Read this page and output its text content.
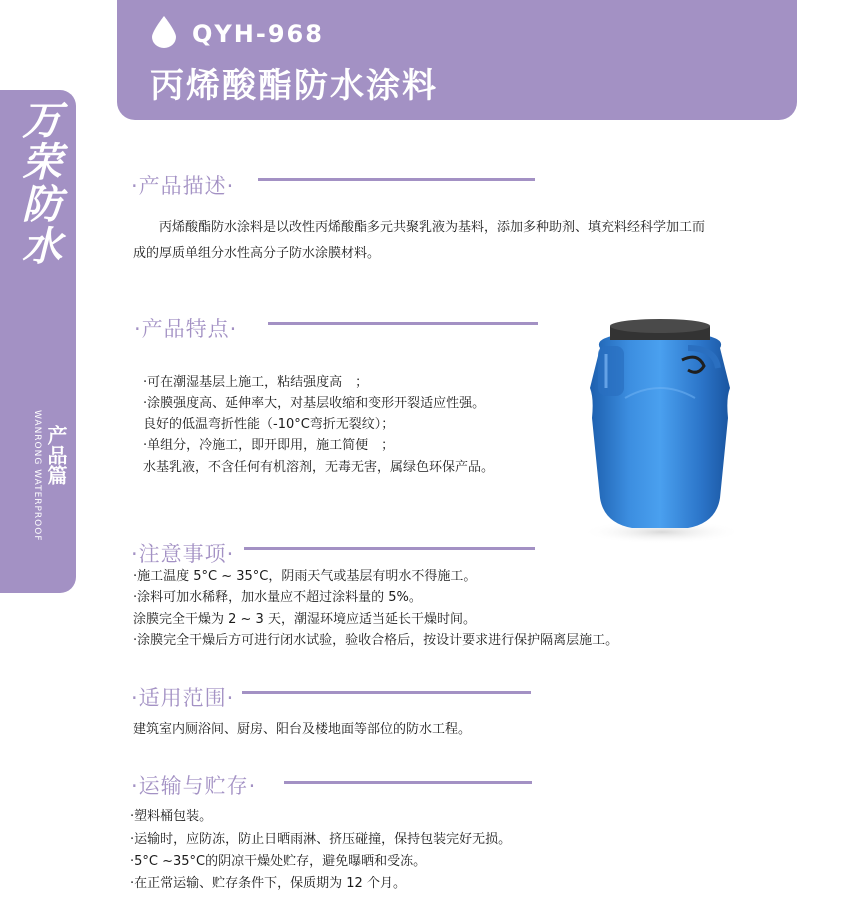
QYH-968
丙烯酸酯防水涂料
万
荣
防
水
产品篇
WANRONG WATERPROOF
·产品描述·
丙烯酸酯防水涂料是以改性丙烯酸酯多元共聚乳液为基料，添加多种助剂、填充料经科学加工而
成的厚质单组分水性高分子防水涂膜材料。
·产品特点·
·可在潮湿基层上施工，粘结强度高　；
·涂膜强度高、延伸率大，对基层收缩和变形开裂适应性强。
良好的低温弯折性能（-10°C弯折无裂纹）；
·单组分，冷施工，即开即用，施工简便　；
水基乳液，不含任何有机溶剂，无毒无害，属绿色环保产品。
·注意事项·
·施工温度 5°C ~ 35°C，阴雨天气或基层有明水不得施工。
·涂料可加水稀释，加水量应不超过涂料量的 5%。
涂膜完全干燥为 2 ~ 3 天，潮湿环境应适当延长干燥时间。
·涂膜完全干燥后方可进行闭水试验，验收合格后，按设计要求进行保护隔离层施工。
·适用范围·
建筑室内厕浴间、厨房、阳台及楼地面等部位的防水工程。
·运输与贮存·
·塑料桶包装。
·运输时，应防冻，防止日晒雨淋、挤压碰撞，保持包装完好无损。
·5°C ~35°C的阴凉干燥处贮存，避免曝晒和受冻。
·在正常运输、贮存条件下，保质期为 12 个月。
